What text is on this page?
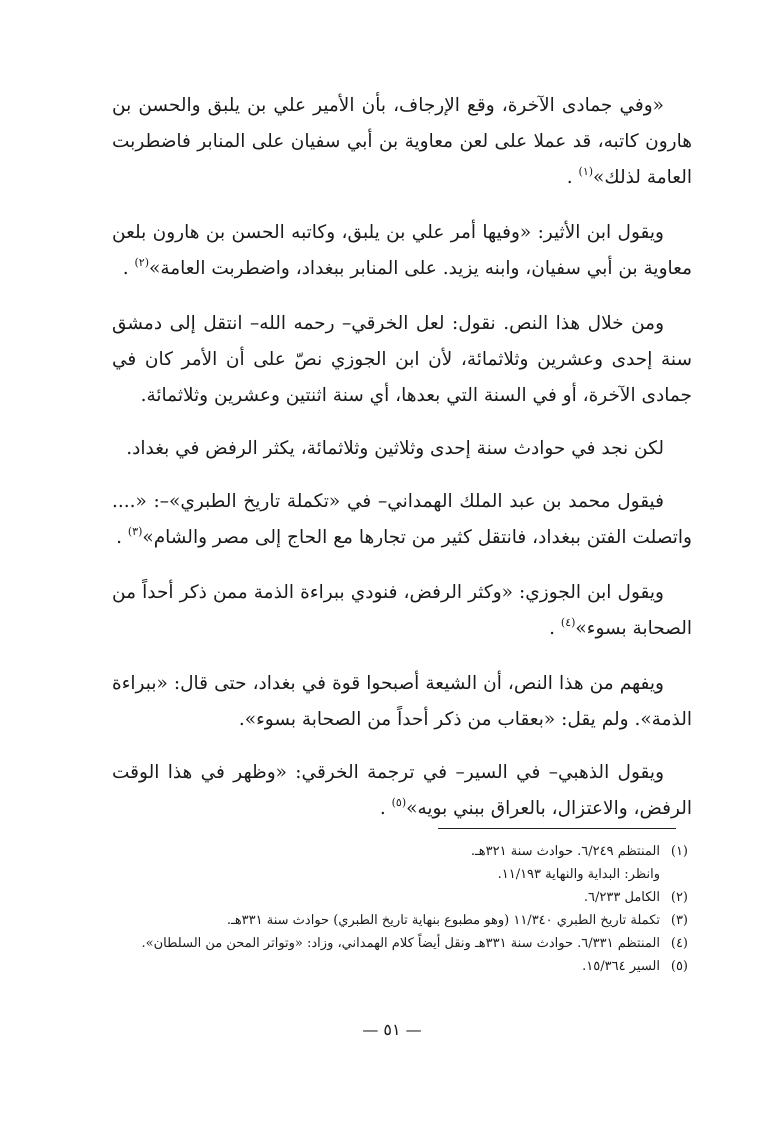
«وفي جمادى الآخرة، وقع الإرجاف، بأن الأمير علي بن يلبق والحسن بن هارون كاتبه، قد عملا على لعن معاوية بن أبي سفيان على المنابر فاضطربت العامة لذلك»$^{(١)}$ .

ويقول ابن الأثير: «وفيها أمر علي بن يلبق، وكاتبه الحسن بن هارون بلعن معاوية بن أبي سفيان، وابنه يزيد. على المنابر ببغداد، واضطربت العامة»$^{(٢)}$ .

ومن خلال هذا النص. نقول: لعل الخرقي– رحمه الله– انتقل إلى دمشق سنة إحدى وعشرين وثلاثمائة، لأن ابن الجوزي نصّ على أن الأمر كان في جمادى الآخرة، أو في السنة التي بعدها، أي سنة اثنتين وعشرين وثلاثمائة.

لكن نجد في حوادث سنة إحدى وثلاثين وثلاثمائة، يكثر الرفض في بغداد.

فيقول محمد بن عبد الملك الهمداني– في «تكملة تاريخ الطبري»–: «.... واتصلت الفتن ببغداد، فانتقل كثير من تجارها مع الحاج إلى مصر والشام»$^{(٣)}$ .

ويقول ابن الجوزي: «وكثر الرفض، فنودي ببراءة الذمة ممن ذكر أحداً من الصحابة بسوء»$^{(٤)}$ .

ويفهم من هذا النص، أن الشيعة أصبحوا قوة في بغداد، حتى قال: «ببراءة الذمة». ولم يقل: «بعقاب من ذكر أحداً من الصحابة بسوء».

ويقول الذهبي– في السير– في ترجمة الخرقي: «وظهر في هذا الوقت الرفض، والاعتزال، بالعراق ببني بويه»$^{(٥)}$ .

(١)المنتظم ٦/٢٤٩. حوادث سنة ٣٢١هـ.

وانظر: البداية والنهاية ١١/١٩٣.

(٢)الكامل ٦/٢٣٣.

(٣)تكملة تاريخ الطبري ١١/٣٤٠ (وهو مطبوع بنهاية تاريخ الطبري) حوادث سنة ٣٣١هـ.

(٤)المنتظم ٦/٣٣١. حوادث سنة ٣٣١هـ ونقل أيضاً كلام الهمداني، وزاد: «وتواتر المحن من السلطان».

(٥)السير ١٥/٣٦٤.

— ٥١ —
